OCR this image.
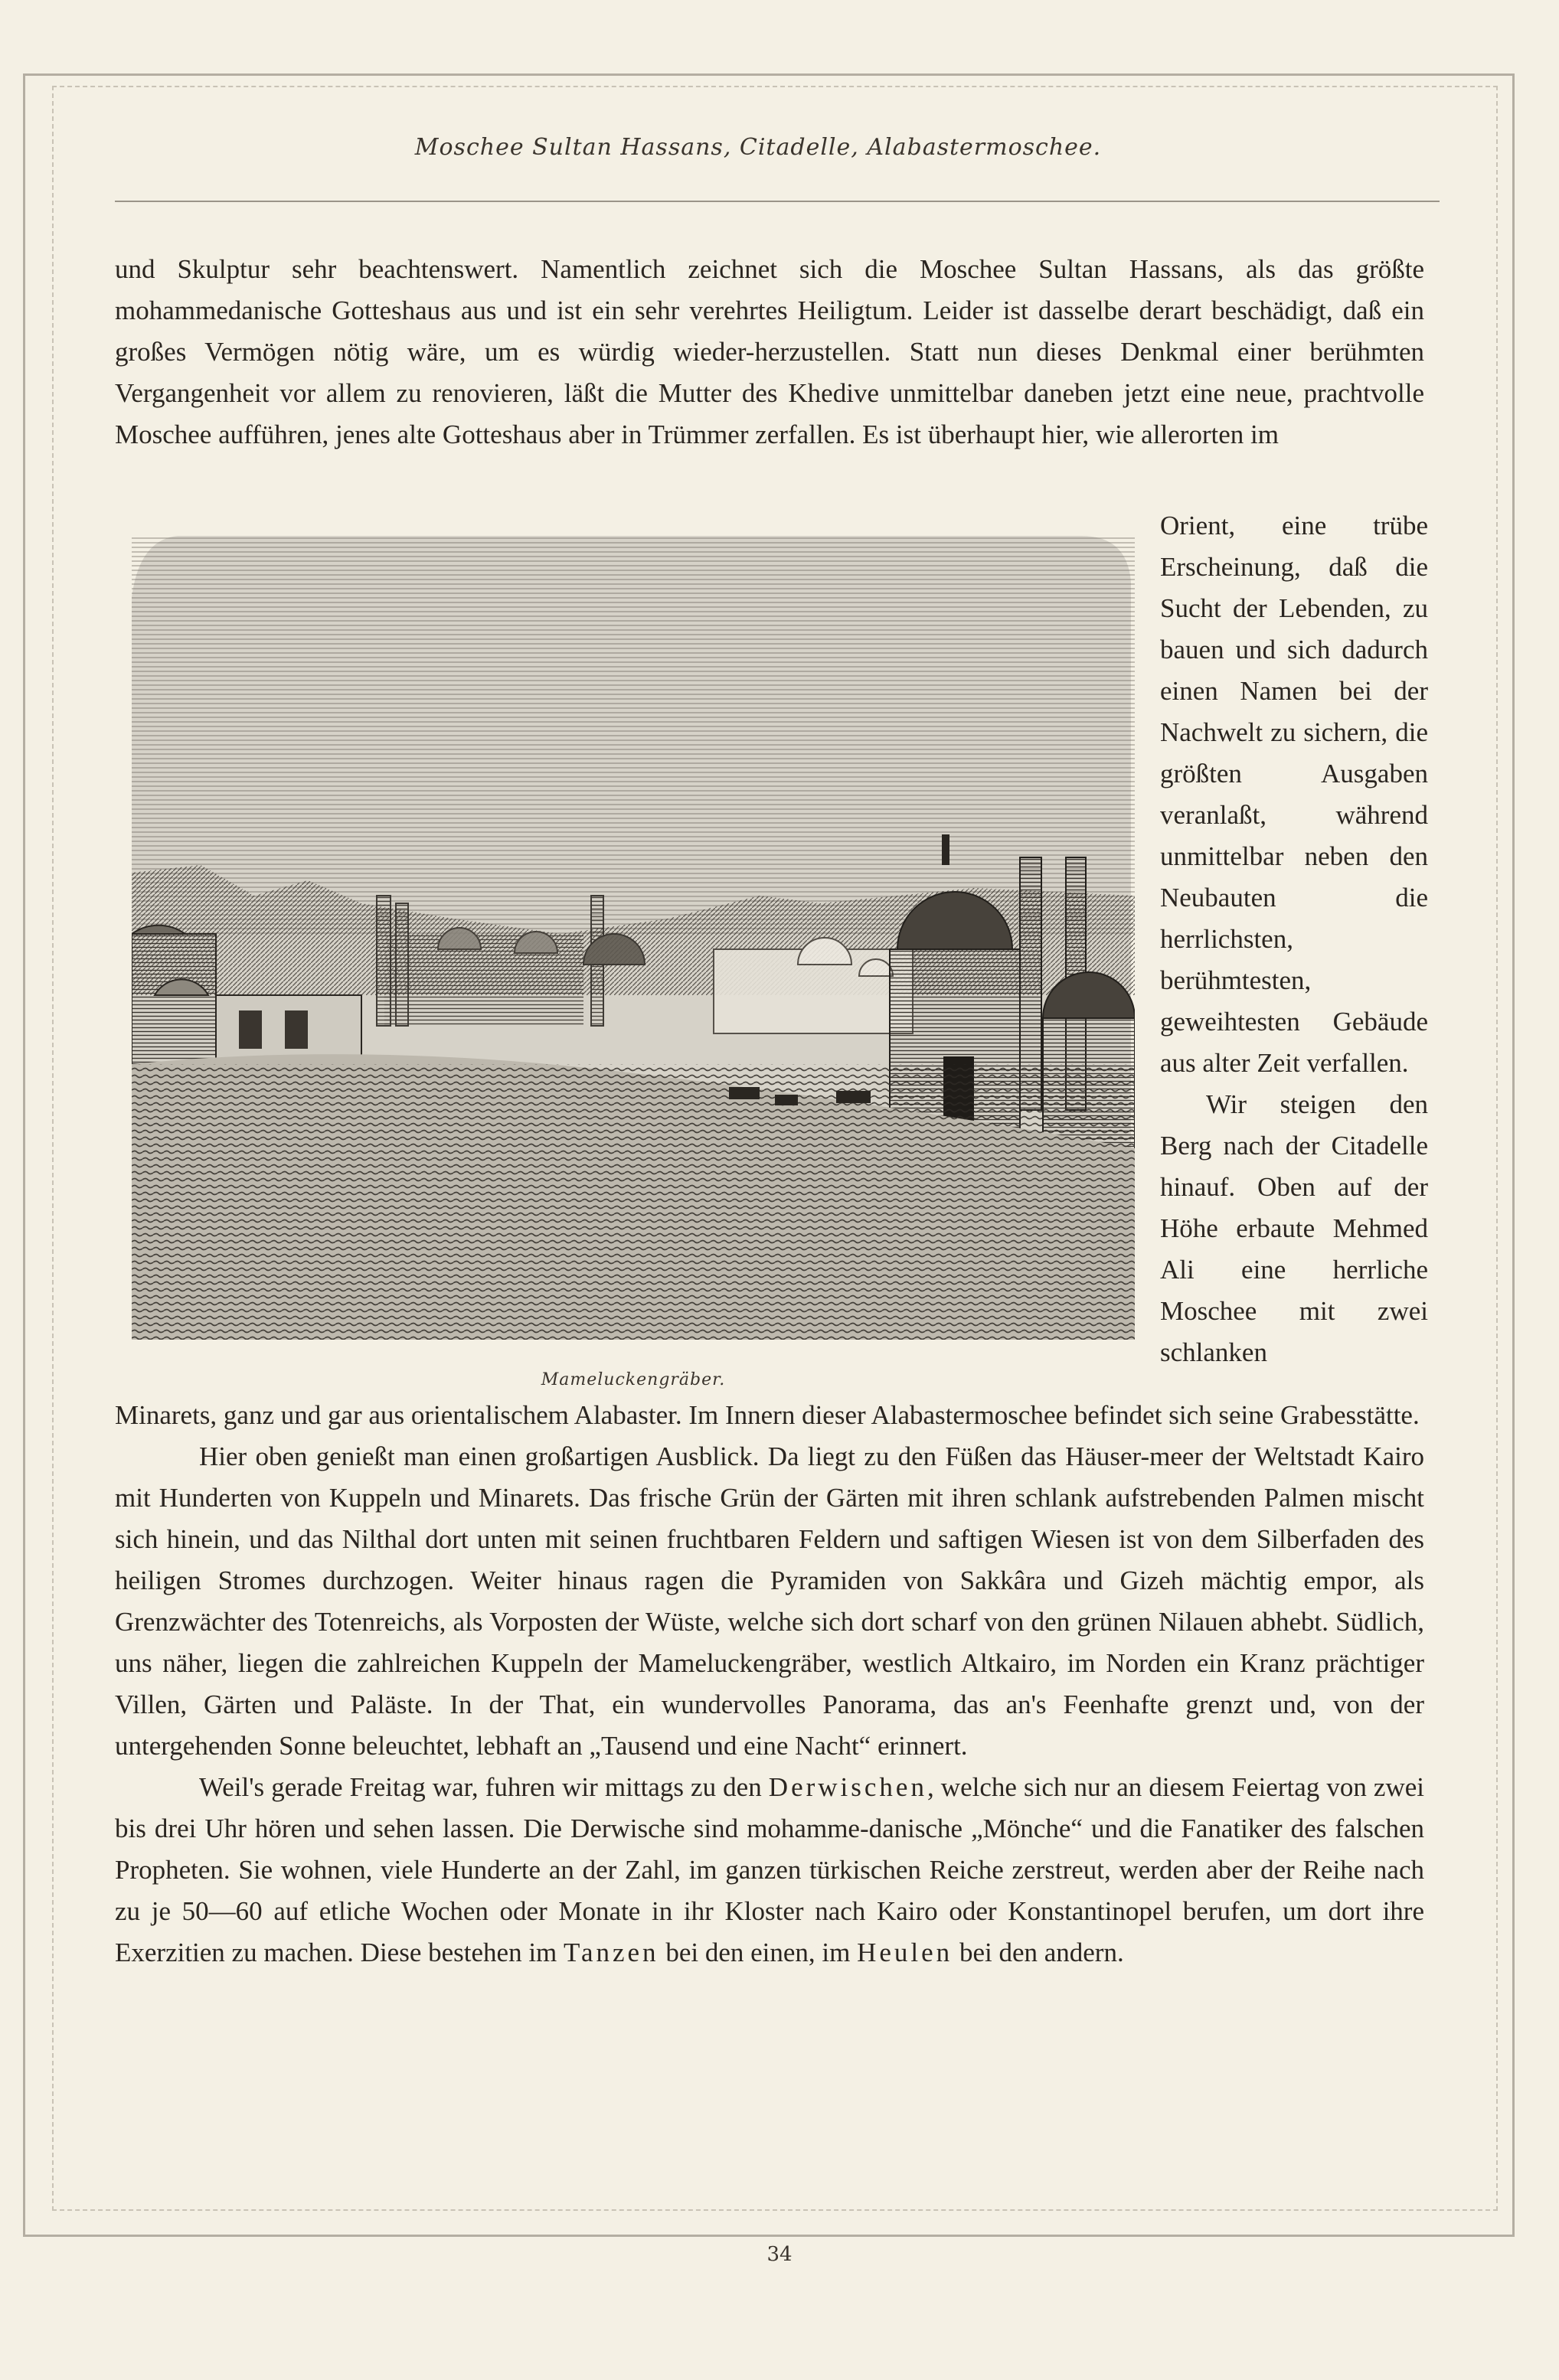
Moschee Sultan Hassans, Citadelle, Alabastermoschee.

und Skulptur sehr beachtenswert. Namentlich zeichnet sich die Moschee Sultan Hassans, als das größte mohammedanische Gotteshaus aus und ist ein sehr verehrtes Heiligtum. Leider ist dasselbe derart beschädigt, daß ein großes Vermögen nötig wäre, um es würdig wieder-herzustellen. Statt nun dieses Denkmal einer berühmten Vergangenheit vor allem zu renovieren, läßt die Mutter des Khedive unmittelbar daneben jetzt eine neue, prachtvolle Moschee aufführen, jenes alte Gotteshaus aber in Trümmer zerfallen. Es ist überhaupt hier, wie allerorten im

Orient, eine trübe Erscheinung, daß die Sucht der Lebenden, zu bauen und sich dadurch einen Namen bei der Nachwelt zu sichern, die größten Ausgaben veranlaßt, während unmittelbar neben den Neubauten die herrlichsten, berühmtesten, geweihtesten Gebäude aus alter Zeit verfallen.

Wir steigen den Berg nach der Citadelle hinauf. Oben auf der Höhe erbaute Mehmed Ali eine herrliche Moschee mit zwei schlanken

Mameluckengräber.

Minarets, ganz und gar aus orientalischem Alabaster. Im Innern dieser Alabastermoschee befindet sich seine Grabesstätte.

Hier oben genießt man einen großartigen Ausblick. Da liegt zu den Füßen das Häuser-meer der Weltstadt Kairo mit Hunderten von Kuppeln und Minarets. Das frische Grün der Gärten mit ihren schlank aufstrebenden Palmen mischt sich hinein, und das Nilthal dort unten mit seinen fruchtbaren Feldern und saftigen Wiesen ist von dem Silberfaden des heiligen Stromes durchzogen. Weiter hinaus ragen die Pyramiden von Sakkâra und Gizeh mächtig empor, als Grenzwächter des Totenreichs, als Vorposten der Wüste, welche sich dort scharf von den grünen Nilauen abhebt. Südlich, uns näher, liegen die zahlreichen Kuppeln der Mameluckengräber, westlich Altkairo, im Norden ein Kranz prächtiger Villen, Gärten und Paläste. In der That, ein wundervolles Panorama, das an's Feenhafte grenzt und, von der untergehenden Sonne beleuchtet, lebhaft an „Tausend und eine Nacht“ erinnert.

Weil's gerade Freitag war, fuhren wir mittags zu den Derwischen, welche sich nur an diesem Feiertag von zwei bis drei Uhr hören und sehen lassen. Die Derwische sind mohamme-danische „Mönche“ und die Fanatiker des falschen Propheten. Sie wohnen, viele Hunderte an der Zahl, im ganzen türkischen Reiche zerstreut, werden aber der Reihe nach zu je 50—60 auf etliche Wochen oder Monate in ihr Kloster nach Kairo oder Konstantinopel berufen, um dort ihre Exerzitien zu machen. Diese bestehen im Tanzen bei den einen, im Heulen bei den andern.

34
